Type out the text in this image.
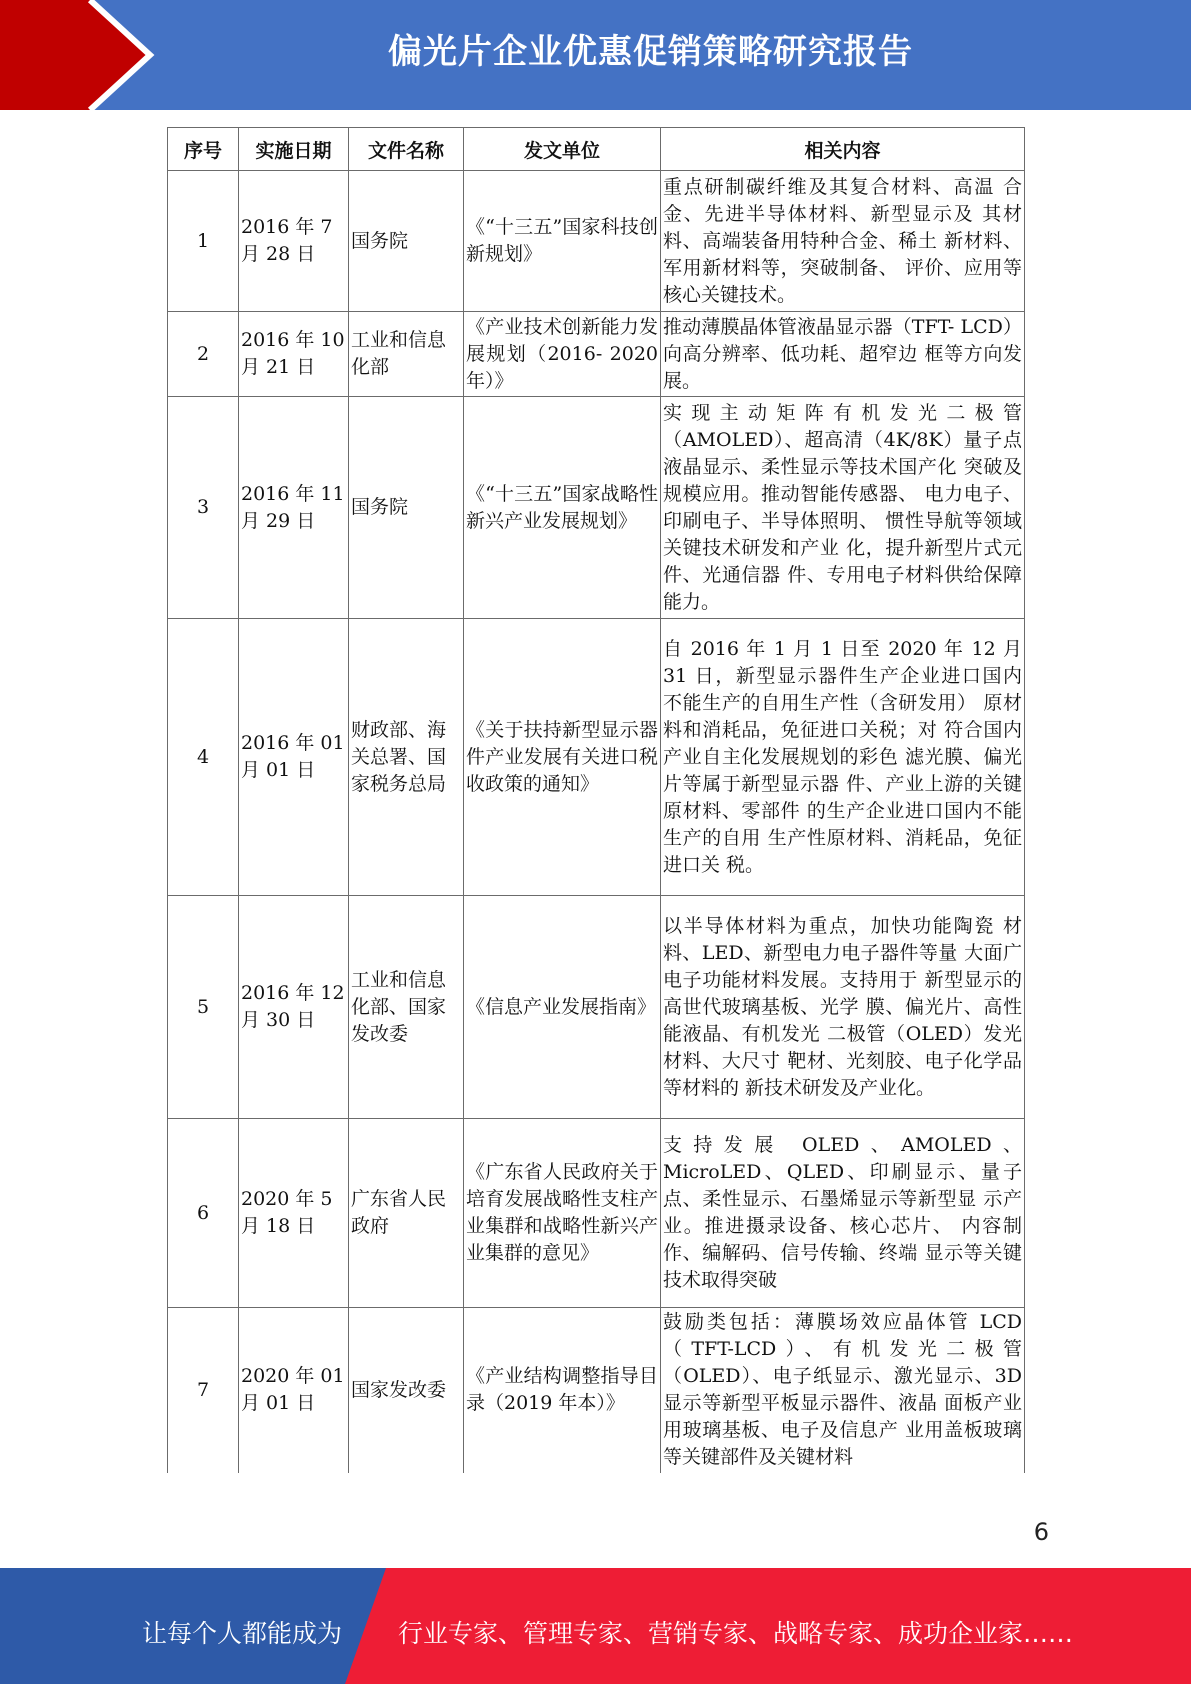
偏光片企业优惠促销策略研究报告
序号	实施日期	文件名称	发文单位	相关内容
1	2016 年 7 月 28 日	国务院	《“十三五”国家科技创新规划》	重点研制碳纤维及其复合材料、高温 合金、先进半导体材料、新型显示及 其材料、高端装备用特种合金、稀土 新材料、军用新材料等，突破制备、 评价、应用等核心关键技术。
2	2016 年 10 月 21 日	工业和信息化部	《产业技术创新能力发展规划（2016- 2020 年）》	推动薄膜晶体管液晶显示器（TFT- LCD）向高分辨率、低功耗、超窄边 框等方向发展。
3	2016 年 11 月 29 日	国务院	《“十三五”国家战略性新兴产业发展规划》	实现主动矩阵有机发光二极管（AMOLED）、超高清（4K/8K）量子点液晶显示、柔性显示等技术国产化 突破及规模应用。推动智能传感器、 电力电子、印刷电子、半导体照明、 惯性导航等领域关键技术研发和产业 化，提升新型片式元件、光通信器 件、专用电子材料供给保障能力。
4	2016 年 01 月 01 日	财政部、海关总署、国家税务总局	《关于扶持新型显示器件产业发展有关进口税收政策的通知》	自 2016 年 1 月 1 日至 2020 年 12 月 31 日，新型显示器件生产企业进口国内 不能生产的自用生产性（含研发用） 原材料和消耗品，免征进口关税；对 符合国内产业自主化发展规划的彩色 滤光膜、偏光片等属于新型显示器 件、产业上游的关键原材料、零部件 的生产企业进口国内不能生产的自用 生产性原材料、消耗品，免征进口关 税。
5	2016 年 12 月 30 日	工业和信息化部、国家发改委	《信息产业发展指南》	以半导体材料为重点，加快功能陶瓷 材料、LED、新型电力电子器件等量 大面广电子功能材料发展。支持用于 新型显示的高世代玻璃基板、光学 膜、偏光片、高性能液晶、有机发光 二极管（OLED）发光材料、大尺寸 靶材、光刻胶、电子化学品等材料的 新技术研发及产业化。
6	2020 年 5 月 18 日	广东省人民政府	《广东省人民政府关于培育发展战略性支柱产业集群和战略性新兴产业集群的意见》	支持发展 OLED、AMOLED、MicroLED、QLED、印刷显示、量子 点、柔性显示、石墨烯显示等新型显 示产业。推进摄录设备、核心芯片、 内容制作、编解码、信号传输、终端 显示等关键技术取得突破
7	2020 年 01 月 01 日	国家发改委	《产业结构调整指导目录（2019 年本）》	鼓励类包括：薄膜场效应晶体管 LCD（TFT-LCD）、有机发光二极管（OLED）、电子纸显示、激光显示、3D 显示等新型平板显示器件、液晶 面板产业用玻璃基板、电子及信息产 业用盖板玻璃等关键部件及关键材料
6
让每个人都能成为 行业专家、管理专家、营销专家、战略专家、成功企业家……
